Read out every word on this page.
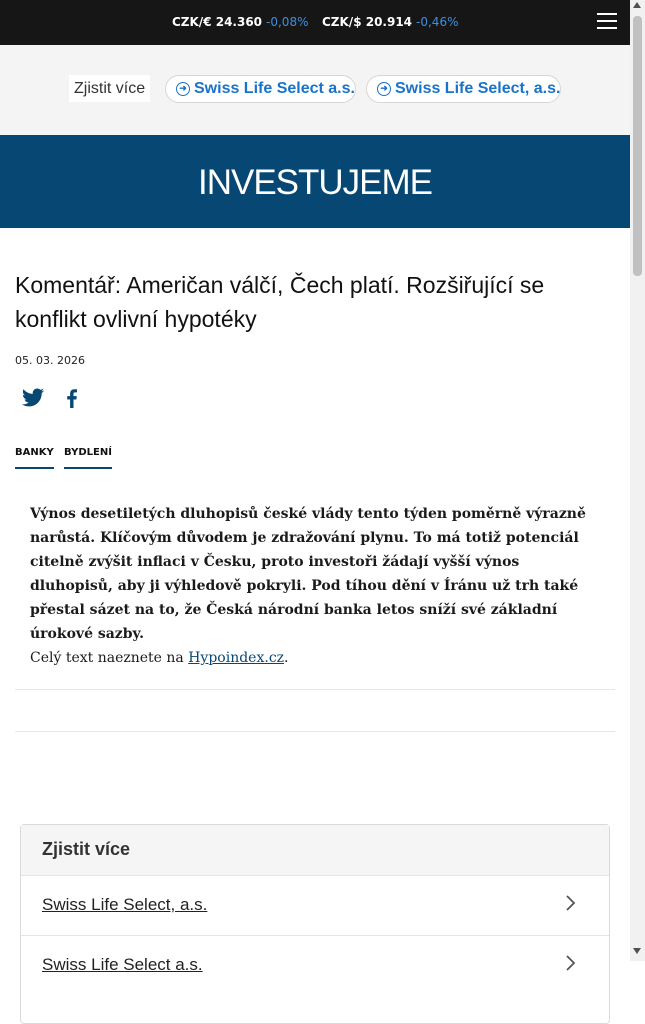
CZK/€ 24.360 -0,08% CZK/$ 20.914 -0,46%
Zjistit více	➜ Swiss Life Select a.s.	➜ Swiss Life Select, a.s.
INVESTUJEME
Komentář: Američan válčí, Čech platí. Rozšiřující se konflikt ovlivní hypotéky
05. 03. 2026
BANKY BYDLENÍ
Výnos desetiletých dluhopisů české vlády tento týden poměrně výrazně narůstá. Klíčovým důvodem je zdražování plynu. To má totiž potenciál citelně zvýšit inflaci v Česku, proto investoři žádají vyšší výnos dluhopisů, aby ji výhledově pokryli. Pod tíhou dění v Íránu už trh také přestal sázet na to, že Česká národní banka letos sníží své základní úrokové sazby.
Celý text naeznete na Hypoindex.cz.
Zjistit více
Swiss Life Select, a.s.
Swiss Life Select a.s.
